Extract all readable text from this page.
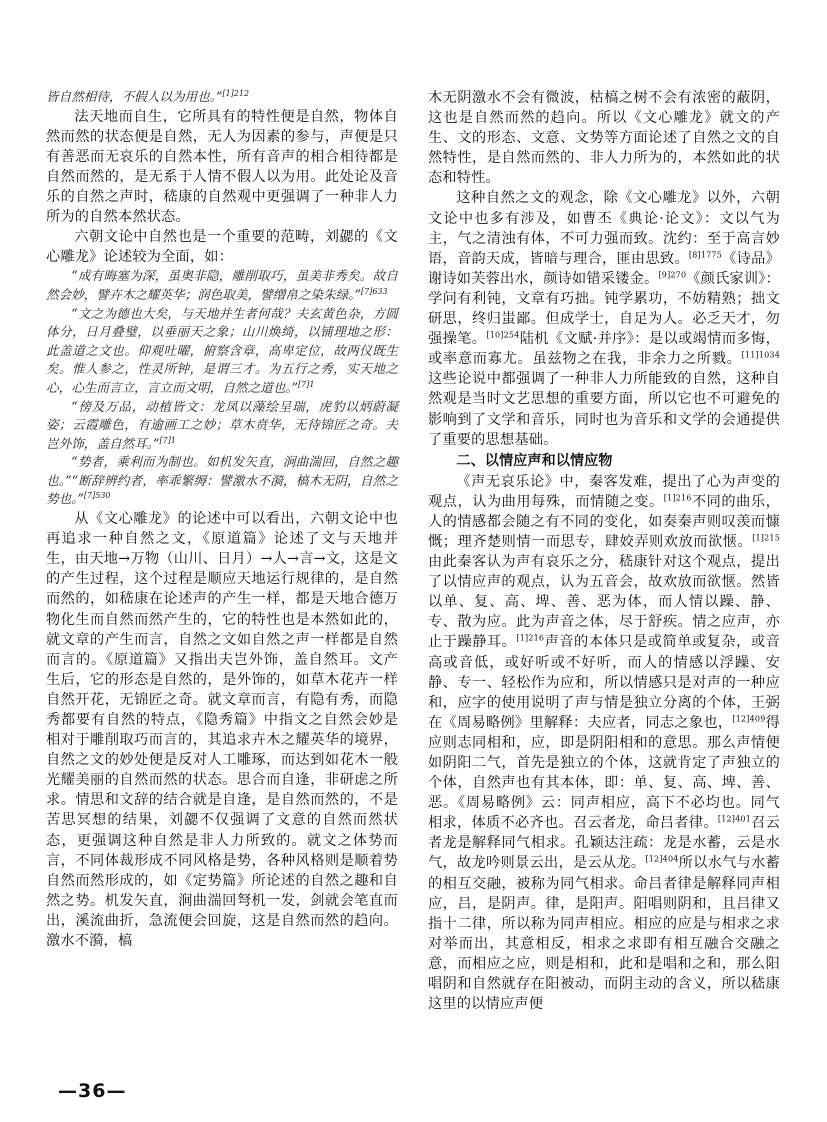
皆自然相待，不假人以为用也。”$^{[1]212}$

法天地而自生，它所具有的特性便是自然，物体自然而然的状态便是自然，无人为因素的参与，声便是只有善恶而无哀乐的自然本性，所有音声的相合相待都是自然而然的，是无系于人情不假人以为用。此处论及音乐的自然之声时，嵇康的自然观中更强调了一种非人力所为的自然本然状态。

六朝文论中自然也是一个重要的范畴，刘勰的《文心雕龙》论述较为全面，如：

“成有晦塞为深，虽奥非隐，雕削取巧，虽美非秀矣。故自然会妙，譬卉木之耀英华；润色取美，譬缯帛之染朱绿。”$^{[7]633}$

“文之为德也大矣，与天地并生者何哉？夫玄黄色杂，方圆体分，日月叠璧，以垂丽天之象；山川焕绮，以铺理地之形：此盖道之文也。仰观吐曜，俯察含章，高卑定位，故两仪既生矣。惟人参之，性灵所钟，是谓三才。为五行之秀，实天地之心，心生而言立，言立而文明，自然之道也。”$^{[7]1}$

“傍及万品，动植皆文：龙凤以藻绘呈瑞，虎豹以炳蔚凝姿；云霞雕色，有逾画工之妙；草木贲华，无待锦匠之奇。夫岂外饰，盖自然耳。”$^{[7]1}$

“势者，乘利而为制也。如机发矢直，涧曲湍回，自然之趣也。”“断辞辨约者，率乖繁缛：譬激水不漪，槁木无阴，自然之势也。”$^{[7]530}$

从《文心雕龙》的论述中可以看出，六朝文论中也再追求一种自然之文，《原道篇》论述了文与天地并生，由天地→万物（山川、日月）→人→言→文，这是文的产生过程，这个过程是顺应天地运行规律的，是自然而然的，如嵇康在论述声的产生一样，都是天地合德万物化生而自然而然产生的，它的特性也是本然如此的，就文章的产生而言，自然之文如自然之声一样都是自然而言的。《原道篇》又指出夫岂外饰，盖自然耳。文产生后，它的形态是自然的，是外饰的，如草木花卉一样自然开花，无锦匠之奇。就文章而言，有隐有秀，而隐秀都要有自然的特点，《隐秀篇》中指文之自然会妙是相对于雕削取巧而言的，其追求卉木之耀英华的境界，自然之文的妙处便是反对人工雕琢，而达到如花木一般光耀美丽的自然而然的状态。思合而自逢，非研虑之所求。情思和文辞的结合就是自逢，是自然而然的，不是苦思冥想的结果，刘勰不仅强调了文意的自然而然状态，更强调这种自然是非人力所致的。就文之体势而言，不同体裁形成不同风格是势，各种风格则是顺着势自然而然形成的，如《定势篇》所论述的自然之趣和自然之势。机发矢直，涧曲湍回弩机一发，剑就会笔直而出，溪流曲折，急流便会回旋，这是自然而然的趋向。激水不漪，槁

木无阴激水不会有微波，枯槁之树不会有浓密的蔽阴，这也是自然而然的趋向。所以《文心雕龙》就文的产生、文的形态、文意、文势等方面论述了自然之文的自然特性，是自然而然的、非人力所为的，本然如此的状态和特性。

这种自然之文的观念，除《文心雕龙》以外，六朝文论中也多有涉及，如曹丕《典论·论文》：文以气为主，气之清浊有体，不可力强而致。沈约：至于高言妙语，音韵天成，皆暗与理合，匪由思致。$^{[8]1775}$《诗品》谢诗如芙蓉出水，颜诗如错采镂金。$^{[9]270}$《颜氏家训》：学问有利钝，文章有巧拙。钝学累功，不妨精熟；拙文研思，终归蚩鄙。但成学士，自足为人。必乏天才，勿强操笔。$^{[10]254}$陆机《文赋·并序》：是以或竭情而多悔，或率意而寡尤。虽兹物之在我，非余力之所戮。$^{[11]1034}$这些论说中都强调了一种非人力所能致的自然，这种自然观是当时文艺思想的重要方面，所以它也不可避免的影响到了文学和音乐，同时也为音乐和文学的会通提供了重要的思想基础。

二、以情应声和以情应物

《声无哀乐论》中，秦客发难，提出了心为声变的观点，认为曲用每殊，而情随之变。$^{[1]216}$不同的曲乐，人的情感都会随之有不同的变化，如奏秦声则叹羡而慷慨；理齐楚则情一而思专，肆姣弄则欢放而欲惬。$^{[1]215}$由此秦客认为声有哀乐之分，嵇康针对这个观点，提出了以情应声的观点，认为五音会，故欢放而欲惬。然皆以单、复、高、埤、善、恶为体，而人情以躁、静、专、散为应。此为声音之体，尽于舒疾。情之应声，亦止于躁静耳。$^{[1]216}$声音的本体只是或简单或复杂，或音高或音低，或好听或不好听，而人的情感以浮躁、安静、专一、轻松作为应和，所以情感只是对声的一种应和，应字的使用说明了声与情是独立分离的个体，王弼在《周易略例》里解释：夫应者，同志之象也，$^{[12]409}$得应则志同相和，应，即是阴阳相和的意思。那么声情便如阴阳二气，首先是独立的个体，这就肯定了声独立的个体，自然声也有其本体，即：单、复、高、埤、善、恶。《周易略例》云：同声相应，高下不必均也。同气相求，体质不必齐也。召云者龙，命吕者律。$^{[12]401}$召云者龙是解释同气相求。孔颖达注疏：龙是水蓄，云是水气，故龙吟则景云出，是云从龙。$^{[12]404}$所以水气与水蓄的相互交融，被称为同气相求。命吕者律是解释同声相应，吕，是阴声。律，是阳声。阳唱则阴和，且吕律又指十二律，所以称为同声相应。相应的应是与相求之求对举而出，其意相反，相求之求即有相互融合交融之意，而相应之应，则是相和，此和是唱和之和，那么阳唱阴和自然就存在阳被动，而阴主动的含义，所以嵇康这里的以情应声便

—36—
